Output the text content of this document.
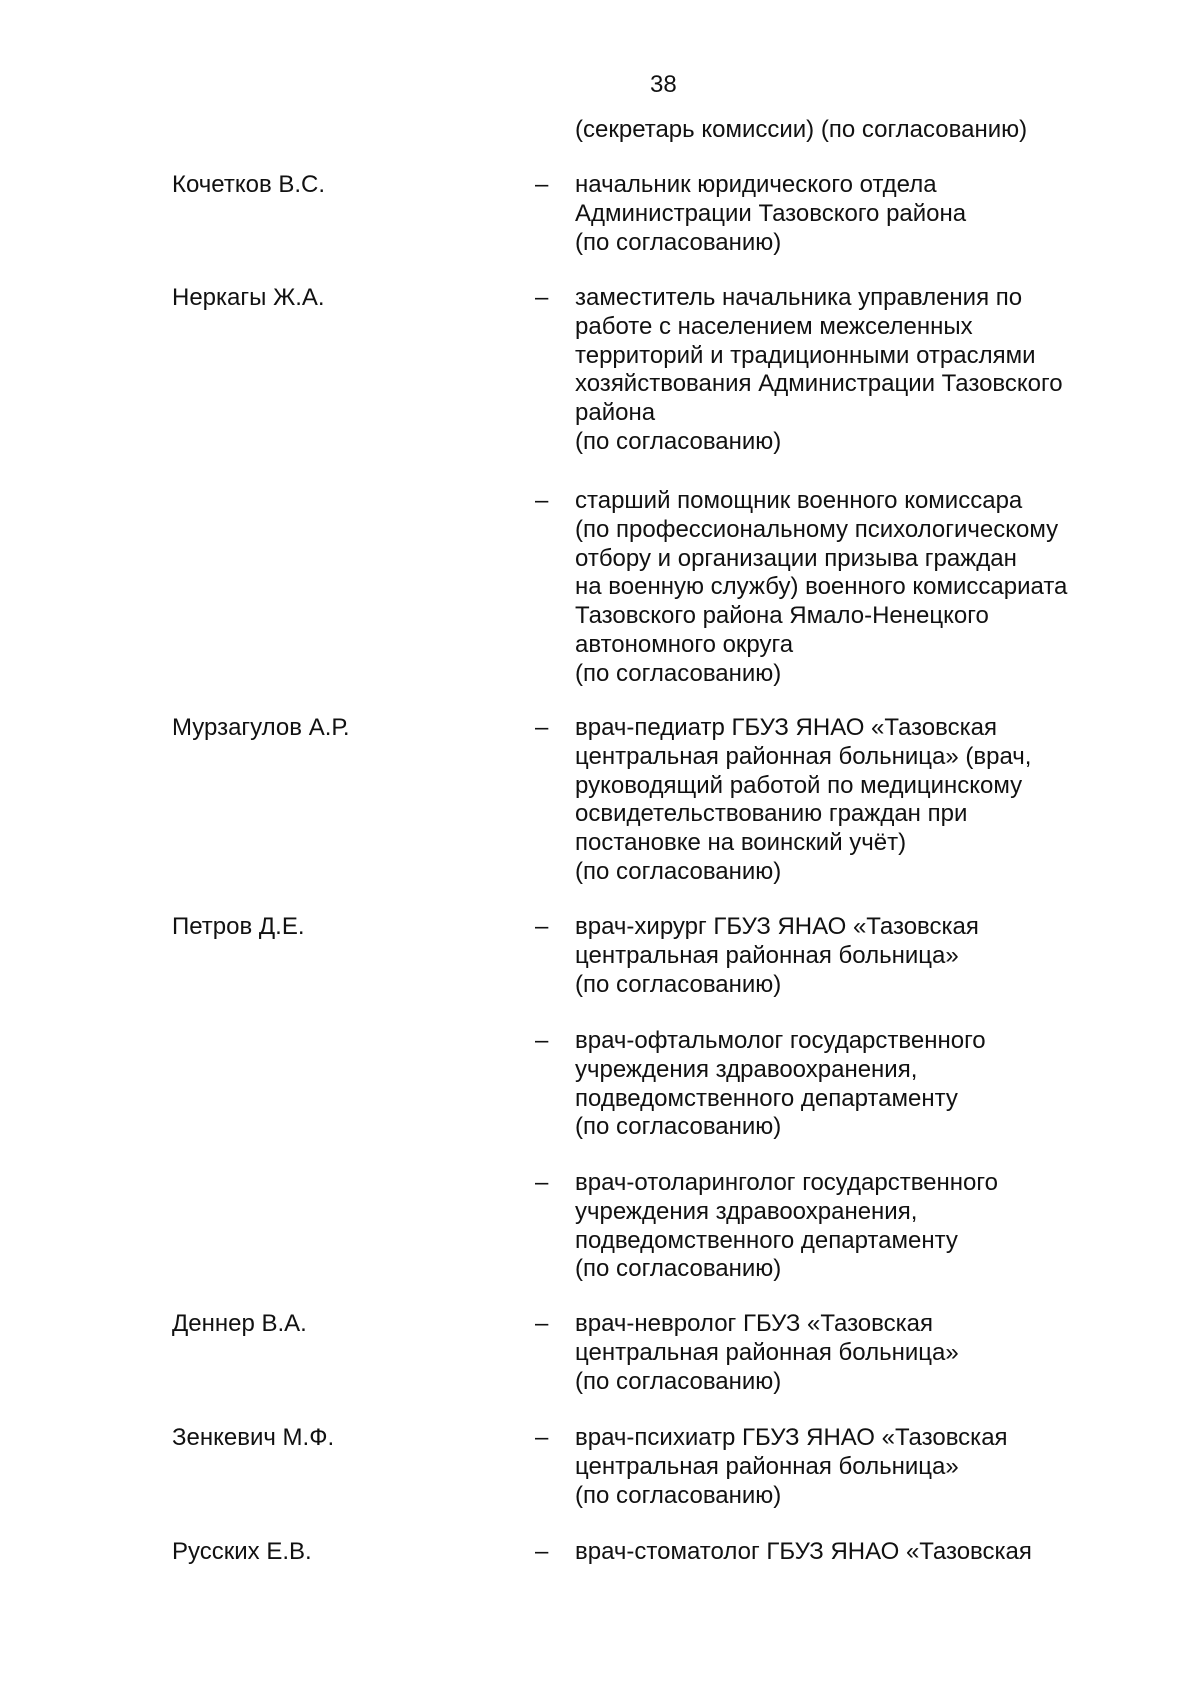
38
(секретарь комиссии) (по согласованию)
Кочетков В.С.	– начальник юридического отдела
Администрации Тазовского района
(по согласованию)
Неркагы Ж.А.	– заместитель начальника управления по
работе с населением межселенных
территорий и традиционными отраслями
хозяйствования Администрации Тазовского
района
(по согласованию)
– старший помощник военного комиссара
(по профессиональному психологическому
отбору и организации призыва граждан
на военную службу) военного комиссариата
Тазовского района Ямало-Ненецкого
автономного округа
(по согласованию)
Мурзагулов А.Р.	– врач-педиатр ГБУЗ ЯНАО «Тазовская
центральная районная больница» (врач,
руководящий работой по медицинскому
освидетельствованию граждан при
постановке на воинский учёт)
(по согласованию)
Петров Д.Е.	– врач-хирург ГБУЗ ЯНАО «Тазовская
центральная районная больница»
(по согласованию)
– врач-офтальмолог государственного
учреждения здравоохранения,
подведомственного департаменту
(по согласованию)
– врач-отоларинголог государственного
учреждения здравоохранения,
подведомственного департаменту
(по согласованию)
Деннер В.А.	– врач-невролог ГБУЗ «Тазовская
центральная районная больница»
(по согласованию)
Зенкевич М.Ф.	– врач-психиатр ГБУЗ ЯНАО «Тазовская
центральная районная больница»
(по согласованию)
Русских Е.В.	– врач-стоматолог ГБУЗ ЯНАО «Тазовская
